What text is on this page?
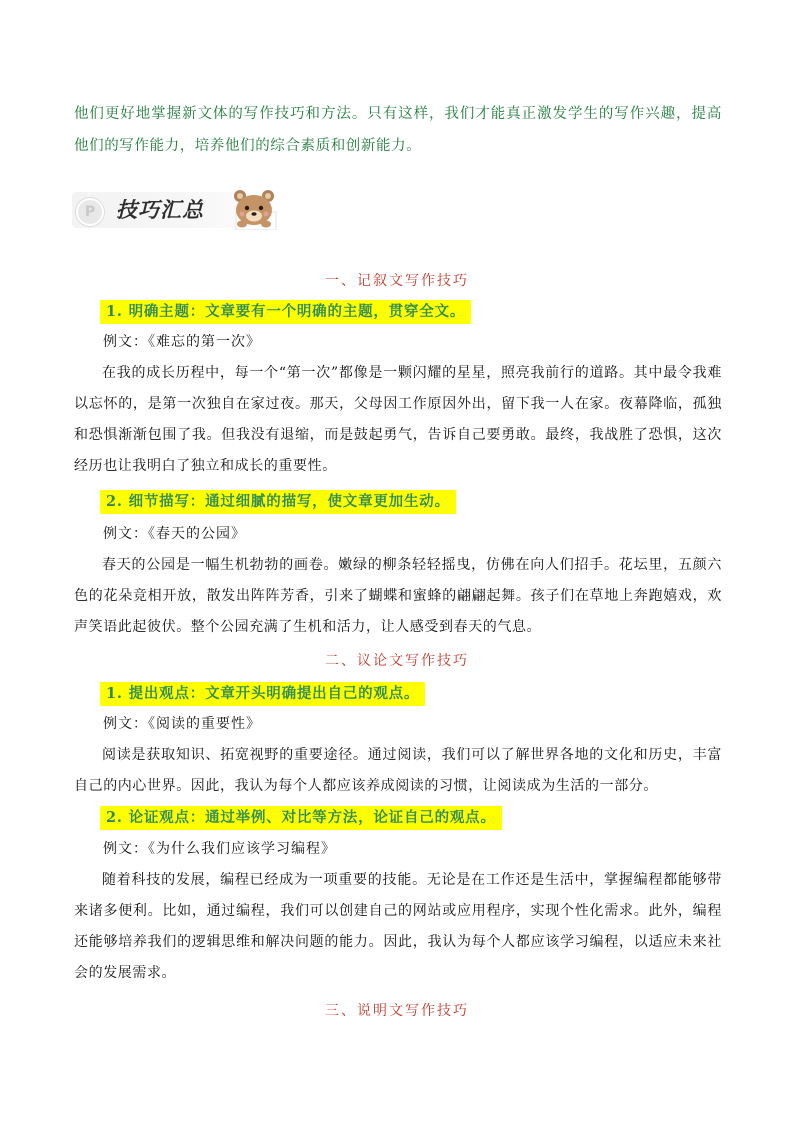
他们更好地掌握新文体的写作技巧和方法。只有这样，我们才能真正激发学生的写作兴趣，提高他们的写作能力，培养他们的综合素质和创新能力。
P 技巧汇总
一、记叙文写作技巧
1. 明确主题：文章要有一个明确的主题，贯穿全文。
例文：《难忘的第一次》
在我的成长历程中，每一个“第一次”都像是一颗闪耀的星星，照亮我前行的道路。其中最令我难以忘怀的，是第一次独自在家过夜。那天，父母因工作原因外出，留下我一人在家。夜幕降临，孤独和恐惧渐渐包围了我。但我没有退缩，而是鼓起勇气，告诉自己要勇敢。最终，我战胜了恐惧，这次经历也让我明白了独立和成长的重要性。
2. 细节描写：通过细腻的描写，使文章更加生动。
例文：《春天的公园》
春天的公园是一幅生机勃勃的画卷。嫩绿的柳条轻轻摇曳，仿佛在向人们招手。花坛里，五颜六色的花朵竞相开放，散发出阵阵芳香，引来了蝴蝶和蜜蜂的翩翩起舞。孩子们在草地上奔跑嬉戏，欢声笑语此起彼伏。整个公园充满了生机和活力，让人感受到春天的气息。
二、议论文写作技巧
1. 提出观点：文章开头明确提出自己的观点。
例文：《阅读的重要性》
阅读是获取知识、拓宽视野的重要途径。通过阅读，我们可以了解世界各地的文化和历史，丰富自己的内心世界。因此，我认为每个人都应该养成阅读的习惯，让阅读成为生活的一部分。
2. 论证观点：通过举例、对比等方法，论证自己的观点。
例文：《为什么我们应该学习编程》
随着科技的发展，编程已经成为一项重要的技能。无论是在工作还是生活中，掌握编程都能够带来诸多便利。比如，通过编程，我们可以创建自己的网站或应用程序，实现个性化需求。此外，编程还能够培养我们的逻辑思维和解决问题的能力。因此，我认为每个人都应该学习编程，以适应未来社会的发展需求。
三、说明文写作技巧
